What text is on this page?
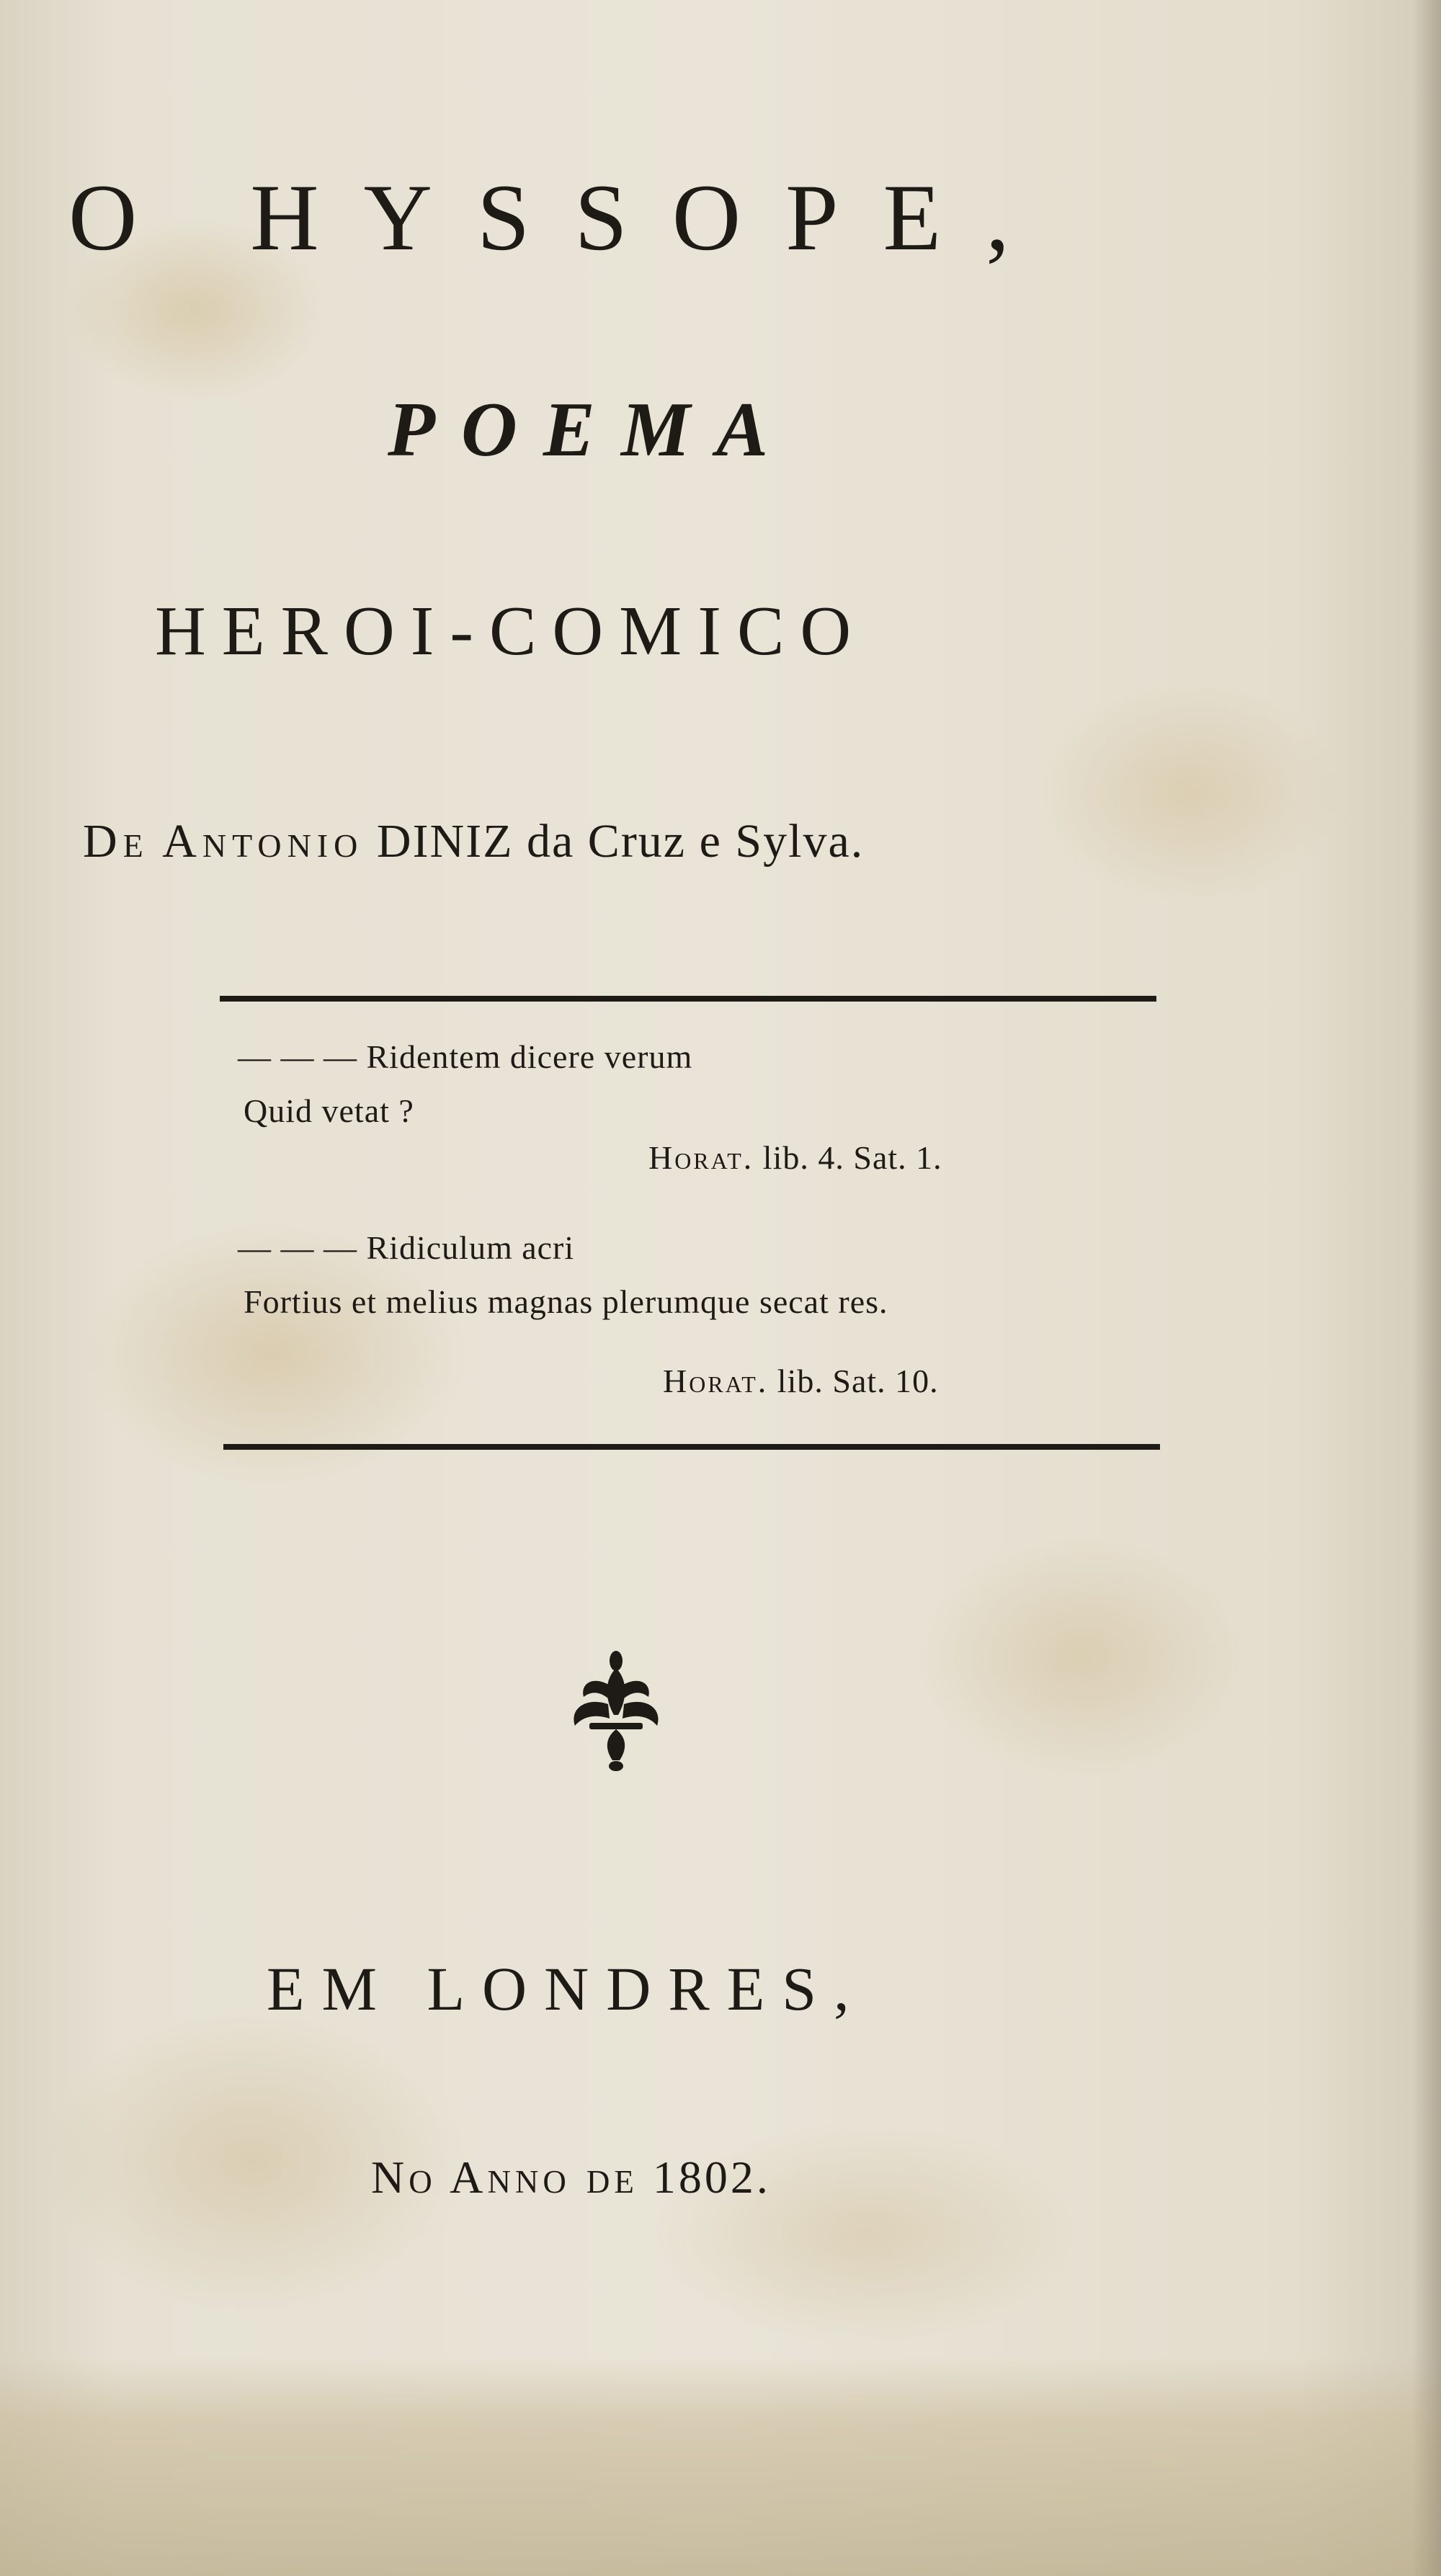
O HYSSOPE,
POEMA
HEROI-COMICO
De Antonio DINIZ da Cruz e Sylva.
— — — Ridentem dicere verum
Quid vetat ?
Horat. lib. 4. Sat. 1.
— — — Ridiculum acri
Fortius et melius magnas plerumque secat res.
Horat. lib. Sat. 10.
EM LONDRES,
No Anno de 1802.
